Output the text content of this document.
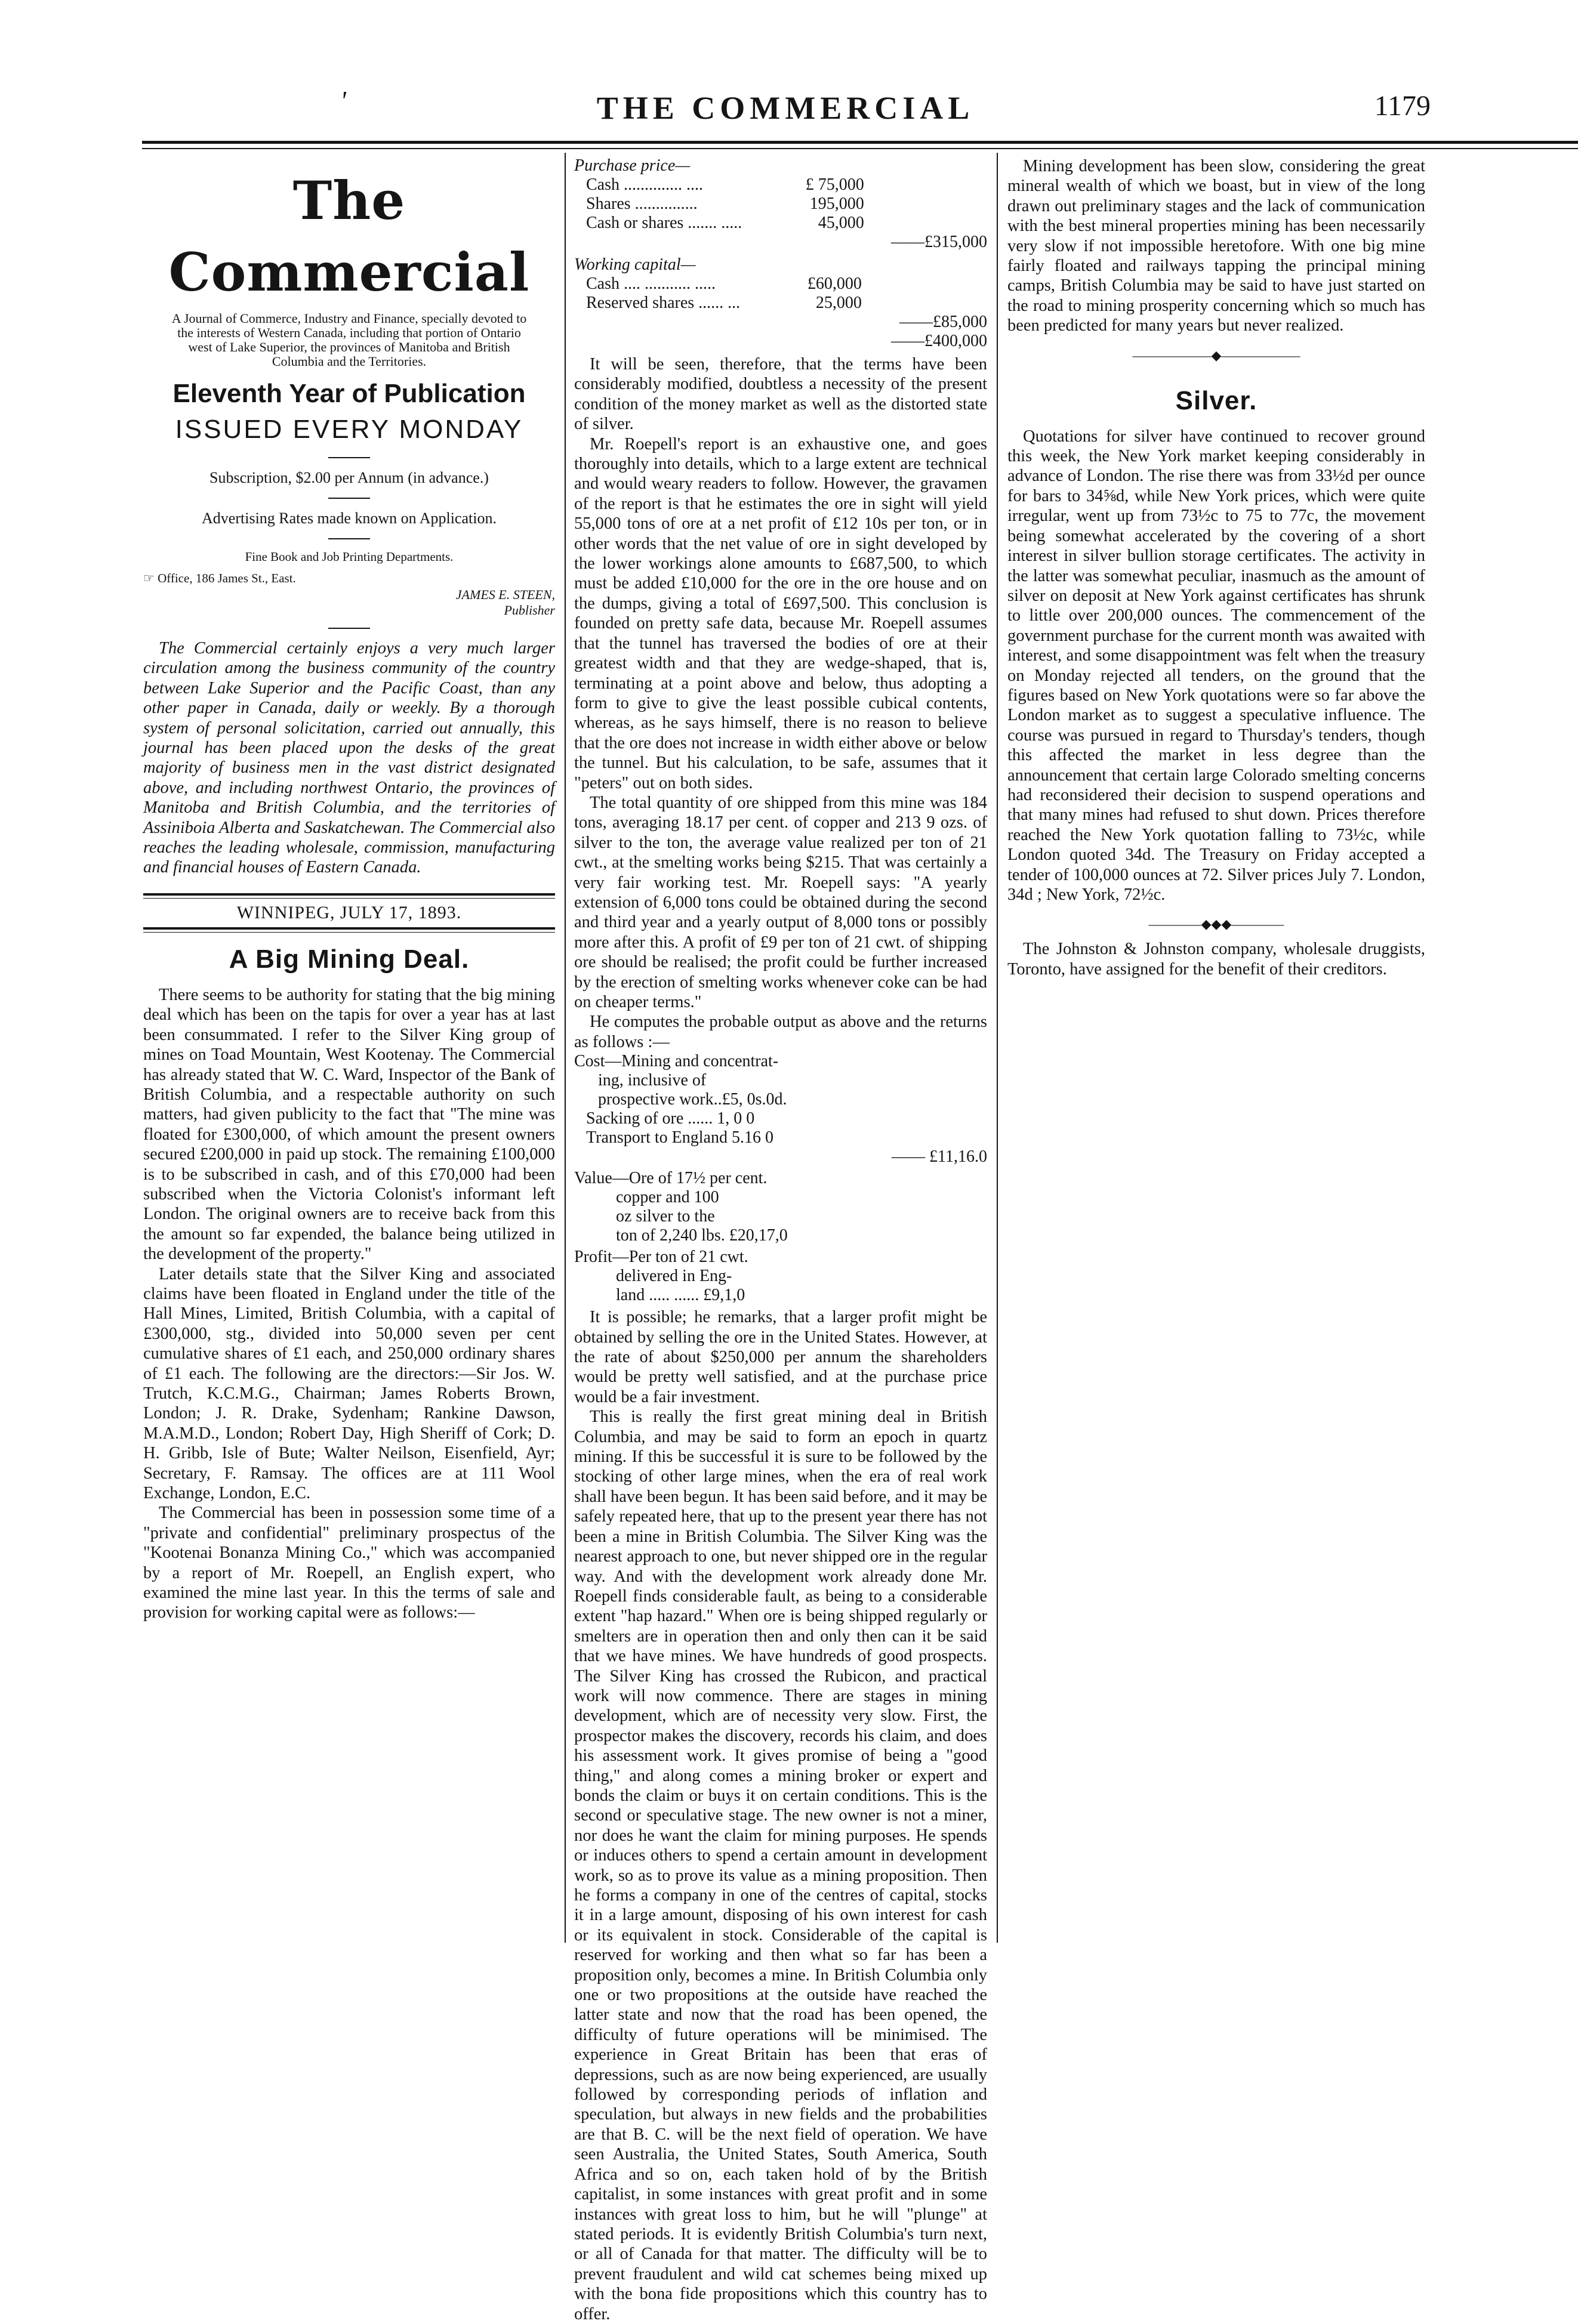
'	THE COMMERCIAL	1179
The Commercial
A Journal of Commerce, Industry and Finance, specially devoted to the interests of Western Canada, including that portion of Ontario west of Lake Superior, the provinces of Manitoba and British Columbia and the Territories.
Eleventh Year of Publication
ISSUED EVERY MONDAY
Subscription, $2.00 per Annum (in advance.)
Advertising Rates made known on Application.
Fine Book and Job Printing Departments.
☞ Office, 186 James St., East.
JAMES E. STEEN,
Publisher

The Commercial certainly enjoys a very much larger circulation among the business community of the country between Lake Superior and the Pacific Coast, than any other paper in Canada, daily or weekly. By a thorough system of personal solicitation, carried out annually, this journal has been placed upon the desks of the great majority of business men in the vast district designated above, and including northwest Ontario, the provinces of Manitoba and British Columbia, and the territories of Assiniboia Alberta and Saskatchewan. The Commercial also reaches the leading wholesale, commission, manufacturing and financial houses of Eastern Canada.

WINNIPEG, JULY 17, 1893.
A Big Mining Deal.

There seems to be authority for stating that the big mining deal which has been on the tapis for over a year has at last been consummated. I refer to the Silver King group of mines on Toad Mountain, West Kootenay. The Commercial has already stated that W. C. Ward, Inspector of the Bank of British Columbia, and a respectable authority on such matters, had given publicity to the fact that "The mine was floated for £300,000, of which amount the present owners secured £200,000 in paid up stock. The remaining £100,000 is to be subscribed in cash, and of this £70,000 had been subscribed when the Victoria Colonist's informant left London. The original owners are to receive back from this the amount so far expended, the balance being utilized in the development of the property."

Later details state that the Silver King and associated claims have been floated in England under the title of the Hall Mines, Limited, British Columbia, with a capital of £300,000, stg., divided into 50,000 seven per cent cumulative shares of £1 each, and 250,000 ordinary shares of £1 each. The following are the directors:—Sir Jos. W. Trutch, K.C.M.G., Chairman; James Roberts Brown, London; J. R. Drake, Sydenham; Rankine Dawson, M.A.M.D., London; Robert Day, High Sheriff of Cork; D. H. Gribb, Isle of Bute; Walter Neilson, Eisenfield, Ayr; Secretary, F. Ramsay. The offices are at 111 Wool Exchange, London, E.C.

The Commercial has been in possession some time of a "private and confidential" preliminary prospectus of the "Kootenai Bonanza Mining Co.," which was accompanied by a report of Mr. Roepell, an English expert, who examined the mine last year. In this the terms of sale and provision for working capital were as follows:—

Purchase price—
Cash .............. ....	£ 75,000	
Shares ...............	195,000	
Cash or shares ....... .....	45,000	
		——£315,000
Working capital—
Cash .... ........... .....	£60,000	
Reserved shares ...... ...	25,000	
		——£85,000
		——£400,000

It will be seen, therefore, that the terms have been considerably modified, doubtless a necessity of the present condition of the money market as well as the distorted state of silver.

Mr. Roepell's report is an exhaustive one, and goes thoroughly into details, which to a large extent are technical and would weary readers to follow. However, the gravamen of the report is that he estimates the ore in sight will yield 55,000 tons of ore at a net profit of £12 10s per ton, or in other words that the net value of ore in sight developed by the lower workings alone amounts to £687,500, to which must be added £10,000 for the ore in the ore house and on the dumps, giving a total of £697,500. This conclusion is founded on pretty safe data, because Mr. Roepell assumes that the tunnel has traversed the bodies of ore at their greatest width and that they are wedge-shaped, that is, terminating at a point above and below, thus adopting a form to give to give the least possible cubical contents, whereas, as he says himself, there is no reason to believe that the ore does not increase in width either above or below the tunnel. But his calculation, to be safe, assumes that it "peters" out on both sides.

The total quantity of ore shipped from this mine was 184 tons, averaging 18.17 per cent. of copper and 213 9 ozs. of silver to the ton, the average value realized per ton of 21 cwt., at the smelting works being $215. That was certainly a very fair working test. Mr. Roepell says: "A yearly extension of 6,000 tons could be obtained during the second and third year and a yearly output of 8,000 tons or possibly more after this. A profit of £9 per ton of 21 cwt. of shipping ore should be realised; the profit could be further increased by the erection of smelting works whenever coke can be had on cheaper terms."

He computes the probable output as above and the returns as follows :—

Cost—Mining and concentrat-
ing, inclusive of
prospective work..£5, 0s.0d.
Sacking of ore ...... 1, 0 0
Transport to England 5.16 0
—— £11,16.0
Value—Ore of 17½ per cent.
copper and 100
oz silver to the
ton of 2,240 lbs. £20,17,0
Profit—Per ton of 21 cwt.
delivered in Eng-
land ..... ...... £9,1,0

It is possible; he remarks, that a larger profit might be obtained by selling the ore in the United States. However, at the rate of about $250,000 per annum the shareholders would be pretty well satisfied, and at the purchase price would be a fair investment.

This is really the first great mining deal in British Columbia, and may be said to form an epoch in quartz mining. If this be successful it is sure to be followed by the stocking of other large mines, when the era of real work shall have been begun. It has been said before, and it may be safely repeated here, that up to the present year there has not been a mine in British Columbia. The Silver King was the nearest approach to one, but never shipped ore in the regular way. And with the development work already done Mr. Roepell finds considerable fault, as being to a considerable extent "hap hazard." When ore is being shipped regularly or smelters are in operation then and only then can it be said that we have mines. We have hundreds of good prospects. The Silver King has crossed the Rubicon, and practical work will now commence. There are stages in mining development, which are of necessity very slow. First, the prospector makes the discovery, records his claim, and does his assessment work. It gives promise of being a "good thing," and along comes a mining broker or expert and bonds the claim or buys it on certain conditions. This is the second or speculative stage. The new owner is not a miner, nor does he want the claim for mining purposes. He spends or induces others to spend a certain amount in development work, so as to prove its value as a mining proposition. Then he forms a company in one of the centres of capital, stocks it in a large amount, disposing of his own interest for cash or its equivalent in stock. Considerable of the capital is reserved for working and then what so far has been a proposition only, becomes a mine. In British Columbia only one or two propositions at the outside have reached the latter state and now that the road has been opened, the difficulty of future operations will be minimised. The experience in Great Britain has been that eras of depressions, such as are now being experienced, are usually followed by corresponding periods of inflation and speculation, but always in new fields and the probabilities are that B. C. will be the next field of operation. We have seen Australia, the United States, South America, South Africa and so on, each taken hold of by the British capitalist, in some instances with great profit and in some instances with great loss to him, but he will "plunge" at stated periods. It is evidently British Columbia's turn next, or all of Canada for that matter. The difficulty will be to prevent fraudulent and wild cat schemes being mixed up with the bona fide propositions which this country has to offer.

Mining development has been slow, considering the great mineral wealth of which we boast, but in view of the long drawn out preliminary stages and the lack of communication with the best mineral properties mining has been necessarily very slow if not impossible heretofore. With one big mine fairly floated and railways tapping the principal mining camps, British Columbia may be said to have just started on the road to mining prosperity concerning which so much has been predicted for many years but never realized.

——————◆——————
Silver.

Quotations for silver have continued to recover ground this week, the New York market keeping considerably in advance of London. The rise there was from 33½d per ounce for bars to 34⅝d, while New York prices, which were quite irregular, went up from 73½c to 75 to 77c, the movement being somewhat accelerated by the covering of a short interest in silver bullion storage certificates. The activity in the latter was somewhat peculiar, inasmuch as the amount of silver on deposit at New York against certificates has shrunk to little over 200,000 ounces. The commencement of the government purchase for the current month was awaited with interest, and some disappointment was felt when the treasury on Monday rejected all tenders, on the ground that the figures based on New York quotations were so far above the London market as to suggest a speculative influence. The course was pursued in regard to Thursday's tenders, though this affected the market in less degree than the announcement that certain large Colorado smelting concerns had reconsidered their decision to suspend operations and that many mines had refused to shut down. Prices therefore reached the New York quotation falling to 73½c, while London quoted 34d. The Treasury on Friday accepted a tender of 100,000 ounces at 72. Silver prices July 7. London, 34d ; New York, 72½c.

————◆◆◆————

The Johnston & Johnston company, wholesale druggists, Toronto, have assigned for the benefit of their creditors.
